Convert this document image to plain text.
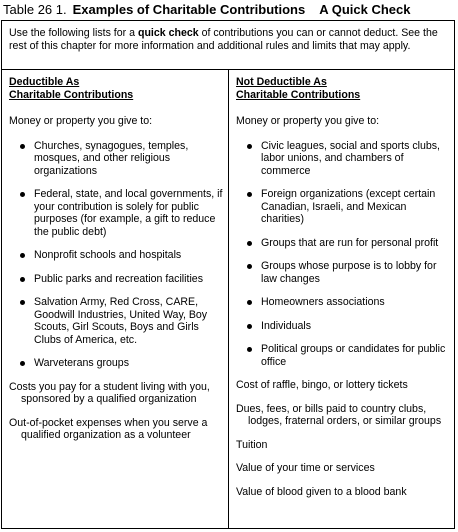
Table 26 1. Examples of Charitable Contributions A Quick Check
Use the following lists for a quick check of contributions you can or cannot deduct. See the rest of this chapter for more information and additional rules and limits that may apply.
Deductible As
Charitable Contributions
Money or property you give to:
Churches, synagogues, temples, mosques, and other religious organizations
Federal, state, and local governments, if your contribution is solely for public purposes (for example, a gift to reduce the public debt)
Nonprofit schools and hospitals
Public parks and recreation facilities
Salvation Army, Red Cross, CARE, Goodwill Industries, United Way, Boy Scouts, Girl Scouts, Boys and Girls Clubs of America, etc.
Warveterans groups
Costs you pay for a student living with you, sponsored by a qualified organization
Out-of-pocket expenses when you serve a qualified organization as a volunteer
Not Deductible As
Charitable Contributions
Money or property you give to:
Civic leagues, social and sports clubs, labor unions, and chambers of commerce
Foreign organizations (except certain Canadian, Israeli, and Mexican charities)
Groups that are run for personal profit
Groups whose purpose is to lobby for law changes
Homeowners associations
Individuals
Political groups or candidates for public office
Cost of raffle, bingo, or lottery tickets
Dues, fees, or bills paid to country clubs, lodges, fraternal orders, or similar groups
Tuition
Value of your time or services
Value of blood given to a blood bank
